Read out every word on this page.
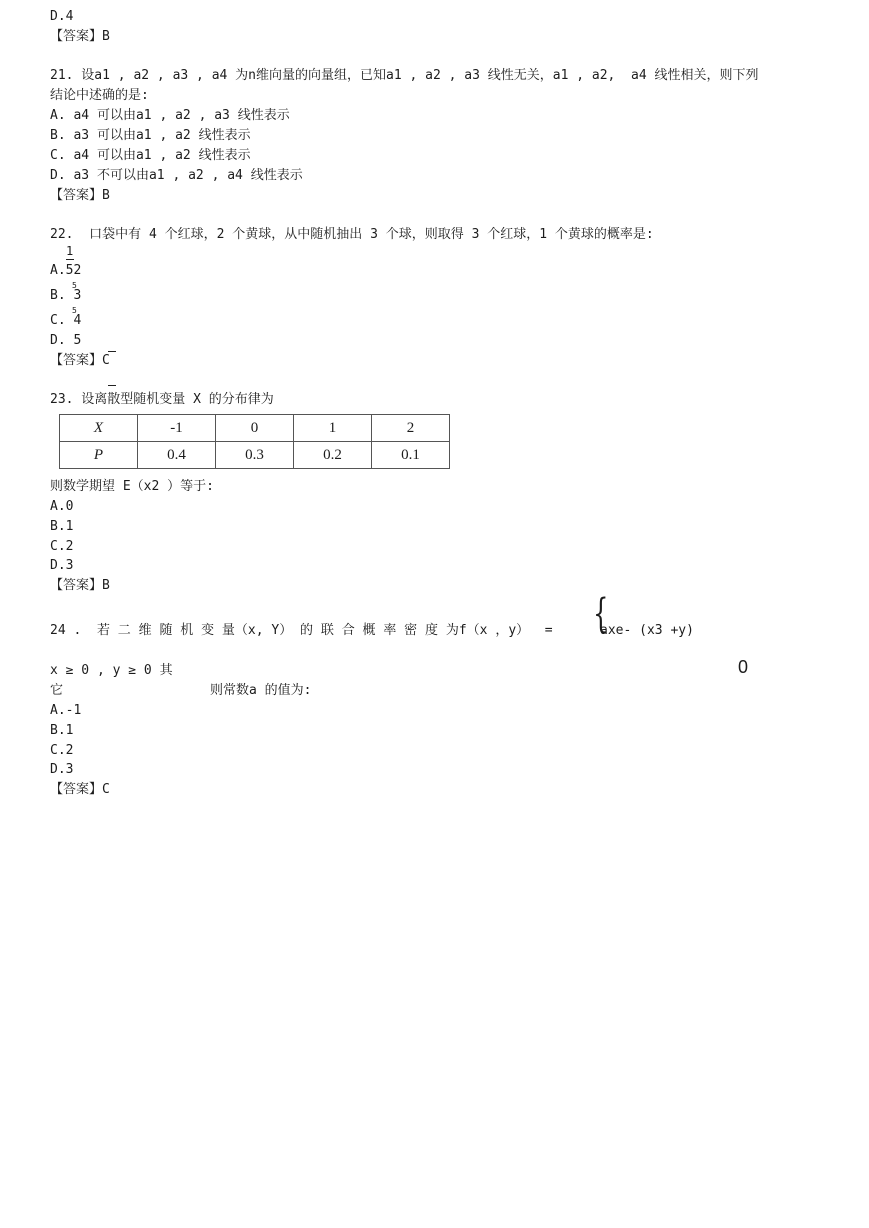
D.4
【答案】B
21. 设a1 , a2 , a3 , a4 为n维向量的向量组，已知a1 , a2 , a3 线性无关，a1 , a2,  a4 线性相关，则下列
结论中述确的是:
A. a4 可以由a1 , a2 , a3 线性表示
B. a3 可以由a1 , a2 线性表示
C. a4 可以由a1 , a2 线性表示
D. a3 不可以由a1 , a2 , a4 线性表示
【答案】B
22.  口袋中有 4 个红球，2 个黄球，从中随机抽出 3 个球，则取得 3 个红球，1 个黄球的概率是:
1
A.52
5
B. 3
5
C. 4
D. 5
【答案】C
23. 设离散型随机变量 X 的分布律为
X	-1	0	1	2
P	0.4	0.3	0.2	0.1
则数学期望 E（x2 ）等于:
A.0
B.1
C.2
D.3
【答案】B
24 .  若 二 维 随 机 变 量（x, Y） 的 联 合 概 率 密 度 为f（x ，y）  = {
axe- (x3 +y)
x ≥ 0 , y ≥ 0 其	0
它	则常数a 的值为:
A.-1
B.1
C.2
D.3
【答案】C
